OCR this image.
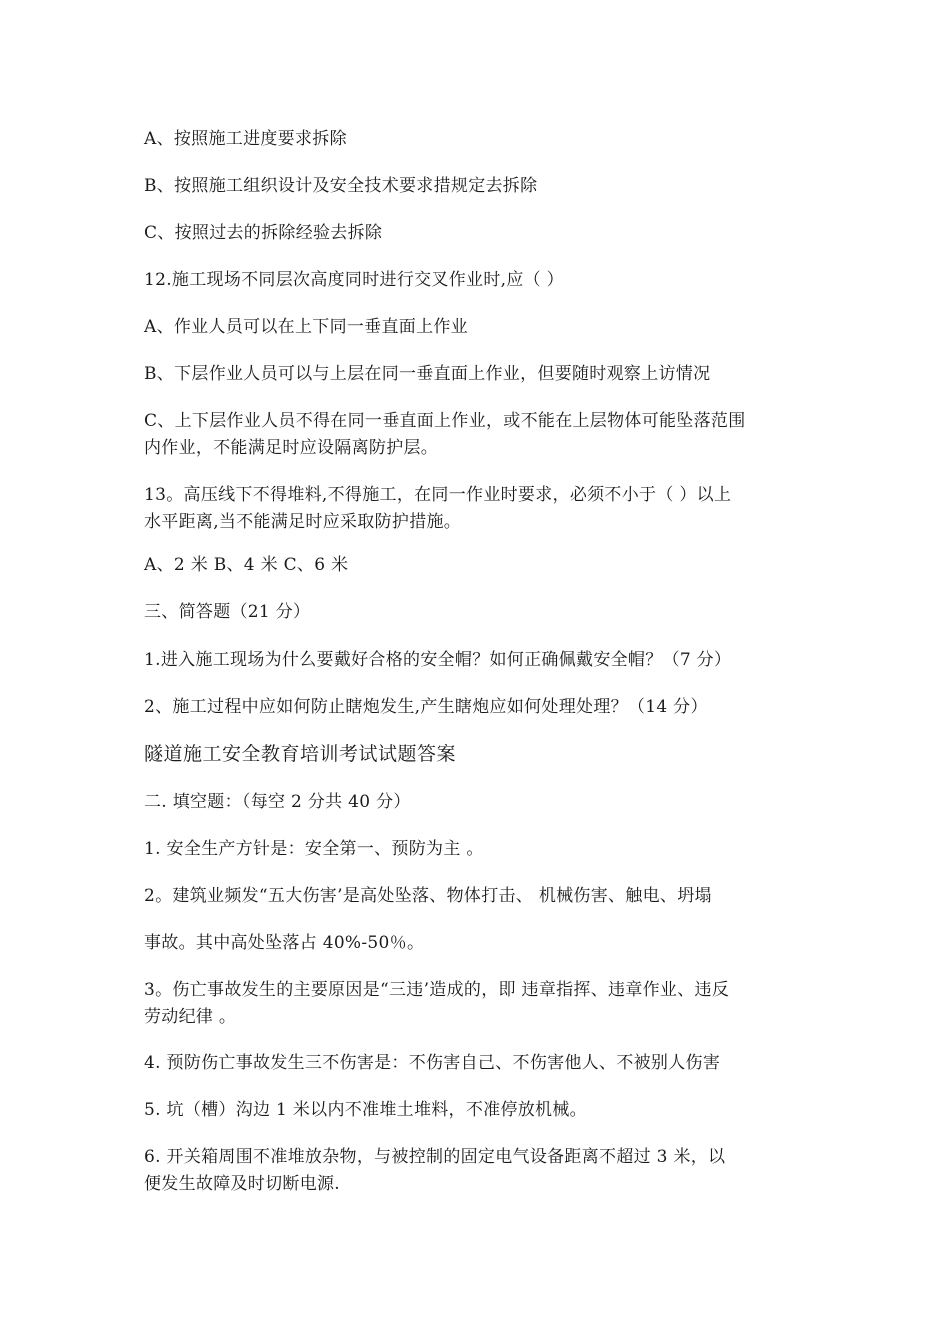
A、按照施工进度要求拆除
B、按照施工组织设计及安全技术要求措规定去拆除
C、按照过去的拆除经验去拆除
12.施工现场不同层次高度同时进行交叉作业时,应（ ）
A、作业人员可以在上下同一垂直面上作业
B、下层作业人员可以与上层在同一垂直面上作业，但要随时观察上访情况
C、上下层作业人员不得在同一垂直面上作业，或不能在上层物体可能坠落范围
内作业，不能满足时应设隔离防护层。
13。高压线下不得堆料,不得施工，在同一作业时要求，必须不小于（ ）以上
水平距离,当不能满足时应采取防护措施。
A、2 米 B、4 米 C、6 米
三、简答题（21 分）
1.进入施工现场为什么要戴好合格的安全帽？如何正确佩戴安全帽？（7 分）
2、施工过程中应如何防止瞎炮发生,产生瞎炮应如何处理处理？（14 分）
隧道施工安全教育培训考试试题答案
二. 填空题：（每空 2 分共 40 分）
1. 安全生产方针是：安全第一、预防为主 。
2。建筑业频发“五大伤害’是高处坠落、物体打击、 机械伤害、触电、坍塌
事故。其中高处坠落占 40%-50％。
3。伤亡事故发生的主要原因是“三违’造成的，即 违章指挥、违章作业、违反
劳动纪律 。
4. 预防伤亡事故发生三不伤害是：不伤害自己、不伤害他人、不被别人伤害
5. 坑（槽）沟边 1 米以内不准堆土堆料，不准停放机械。
6. 开关箱周围不准堆放杂物，与被控制的固定电气设备距离不超过 3 米，以
便发生故障及时切断电源.
